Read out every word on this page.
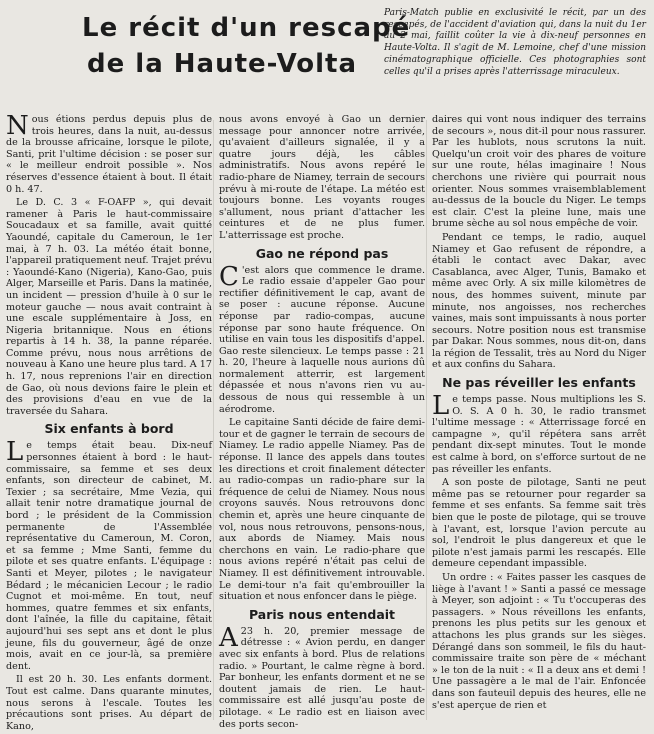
Le récit d'un rescapé
de la Haute-Volta
Paris-Match publie en exclusivité le récit, par un des rescapés, de l'accident d'aviation qui, dans la nuit du 1er au 2 mai, faillit coûter la vie à dix-neuf personnes en Haute-Volta. Il s'agit de M. Lemoine, chef d'une mission cinématographique officielle. Ces photographies sont celles qu'il a prises après l'atterrissage miraculeux.

Nous étions perdus depuis plus de trois heures, dans la nuit, au-dessus de la brousse africaine, lorsque le pilote, Santi, prit l'ultime décision : se poser sur « le meilleur endroit possible ». Nos réserves d'essence étaient à bout. Il était 0 h. 47.

Le D. C. 3 « F-OAFP », qui devait ramener à Paris le haut-commissaire Soucadaux et sa famille, avait quitté Yaoundé, capitale du Cameroun, le 1er mai, à 7 h. 03. La météo était bonne, l'appareil pratiquement neuf. Trajet prévu : Yaoundé-Kano (Nigeria), Kano-Gao, puis Alger, Marseille et Paris. Dans la matinée, un incident — pression d'huile à 0 sur le moteur gauche — nous avait contraint à une escale supplémentaire à Joss, en Nigeria britannique. Nous en étions repartis à 14 h. 38, la panne réparée. Comme prévu, nous nous arrêtions de nouveau à Kano une heure plus tard. A 17 h. 17, nous reprenions l'air en direction de Gao, où nous devions faire le plein et des provisions d'eau en vue de la traversée du Sahara.

Six enfants à bord

Le temps était beau. Dix-neuf personnes étaient à bord : le haut-commissaire, sa femme et ses deux enfants, son directeur de cabinet, M. Texier ; sa secrétaire, Mme Vezia, qui allait tenir notre dramatique journal de bord ; le président de la Commission permanente de l'Assemblée représentative du Cameroun, M. Coron, et sa femme ; Mme Santi, femme du pilote et ses quatre enfants. L'équipage : Santi et Meyer, pilotes ; le navigateur Bédard ; le mécanicien Lecour ; le radio Cugnot et moi-même. En tout, neuf hommes, quatre femmes et six enfants, dont l'aînée, la fille du capitaine, fêtait aujourd'hui ses sept ans et dont le plus jeune, fils du gouverneur, âgé de onze mois, avait en ce jour-là, sa première dent.

Il est 20 h. 30. Les enfants dorment. Tout est calme. Dans quarante minutes, nous serons à l'escale. Toutes les précautions sont prises. Au départ de Kano,

nous avons envoyé à Gao un dernier message pour annoncer notre arrivée, qu'avaient d'ailleurs signalée, il y a quatre jours déjà, les câbles administratifs. Nous avons repéré le radio-phare de Niamey, terrain de secours prévu à mi-route de l'étape. La météo est toujours bonne. Les voyants rouges s'allument, nous priant d'attacher les ceintures et de ne plus fumer. L'atterrissage est proche.

Gao ne répond pas

C 'est alors que commence le drame. Le radio essaie d'appeler Gao pour rectifier définitivement le cap, avant de se poser : aucune réponse. Aucune réponse par radio-compas, aucune réponse par sono haute fréquence. On utilise en vain tous les dispositifs d'appel. Gao reste silencieux. Le temps passe : 21 h. 20, l'heure à laquelle nous aurions dû normalement atterrir, est largement dépassée et nous n'avons rien vu au-dessous de nous qui ressemble à un aérodrome.

Le capitaine Santi décide de faire demi-tour et de gagner le terrain de secours de Niamey. Le radio appelle Niamey. Pas de réponse. Il lance des appels dans toutes les directions et croit finalement détecter au radio-compas un radio-phare sur la fréquence de celui de Niamey. Nous nous croyons sauvés. Nous retrouvons donc chemin et, après une heure cinquante de vol, nous nous retrouvons, pensons-nous, aux abords de Niamey. Mais nous cherchons en vain. Le radio-phare que nous avions repéré n'était pas celui de Niamey. Il est définitivement introuvable. Le demi-tour n'a fait qu'embrouiller la situation et nous enfoncer dans le piège.

Paris nous entendait

A 23 h. 20, premier message de détresse : « Avion perdu, en danger avec six enfants à bord. Plus de relations radio. » Pourtant, le calme règne à bord. Par bonheur, les enfants dorment et ne se doutent jamais de rien. Le haut-commissaire est allé jusqu'au poste de pilotage. « Le radio est en liaison avec des ports secon-

daires qui vont nous indiquer des terrains de secours », nous dit-il pour nous rassurer. Par les hublots, nous scrutons la nuit. Quelqu'un croit voir des phares de voiture sur une route, hélas imaginaire ! Nous cherchons une rivière qui pourrait nous orienter. Nous sommes vraisemblablement au-dessus de la boucle du Niger. Le temps est clair. C'est la pleine lune, mais une brume sèche au sol nous empêche de voir.

Pendant ce temps, le radio, auquel Niamey et Gao refusent de répondre, a établi le contact avec Dakar, avec Casablanca, avec Alger, Tunis, Bamako et même avec Orly. A six mille kilomètres de nous, des hommes suivent, minute par minute, nos angoisses, nos recherches vaines, mais sont impuissants à nous porter secours. Notre position nous est transmise par Dakar. Nous sommes, nous dit-on, dans la région de Tessalit, très au Nord du Niger et aux confins du Sahara.

Ne pas réveiller les enfants

Le temps passe. Nous multiplions les S. O. S. A 0 h. 30, le radio transmet l'ultime message : « Atterrissage forcé en campagne », qu'il répétera sans arrêt pendant dix-sept minutes. Tout le monde est calme à bord, on s'efforce surtout de ne pas réveiller les enfants.

A son poste de pilotage, Santi ne peut même pas se retourner pour regarder sa femme et ses enfants. Sa femme sait très bien que le poste de pilotage, qui se trouve à l'avant, est, lorsque l'avion percute au sol, l'endroit le plus dangereux et que le pilote n'est jamais parmi les rescapés. Elle demeure cependant impassible.

Un ordre : « Faites passer les casques de liège à l'avant ! » Santi a passé ce message à Meyer, son adjoint : « Tu t'occuperas des passagers. » Nous réveillons les enfants, prenons les plus petits sur les genoux et attachons les plus grands sur les sièges. Dérangé dans son sommeil, le fils du haut-commissaire traite son père de « méchant » le ton de la nuit : « Il a deux ans et demi ! Une passagère a le mal de l'air. Enfoncée dans son fauteuil depuis des heures, elle ne s'est aperçue de rien et
